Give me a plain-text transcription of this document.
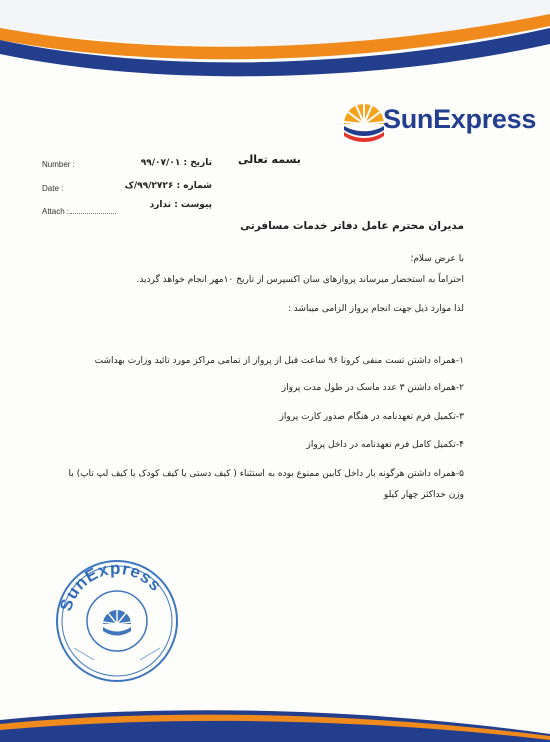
SunExpress
بسمه تعالی
Number :	تاریخ : ۹۹/۰۷/۰۱
Date :	شماره : ۹۹/۲۷۲۶/ک
Attach :
پیوست : ندارد
مدیران محترم عامل دفاتر خدمات مسافرتی
با عرض سلام؛
احتراماً به استحضار میرساند پروازهای سان اکسپرس از تاریخ ۱۰مهر انجام خواهد گردید.
لذا موارد ذیل جهت انجام پرواز الزامی میباشد :
۱-همراه داشتن تست منفی کرونا ۹۶ ساعت قبل از پرواز از تمامی مراکز مورد تائید وزارت بهداشت
۲-همراه داشتن ۳ عدد ماسک در طول مدت پرواز
۳-تکمیل فرم تعهدنامه در هنگام صدور کارت پرواز
۴-تکمیل کامل فرم تعهدنامه در داخل پرواز
۵-همراه داشتن هرگونه بار داخل کابین ممنوع بوده به استثناء ( کیف دستی یا کیف کودک یا کیف لپ تاپ) با
وزن حداکثر چهار کیلو
SunExpress
